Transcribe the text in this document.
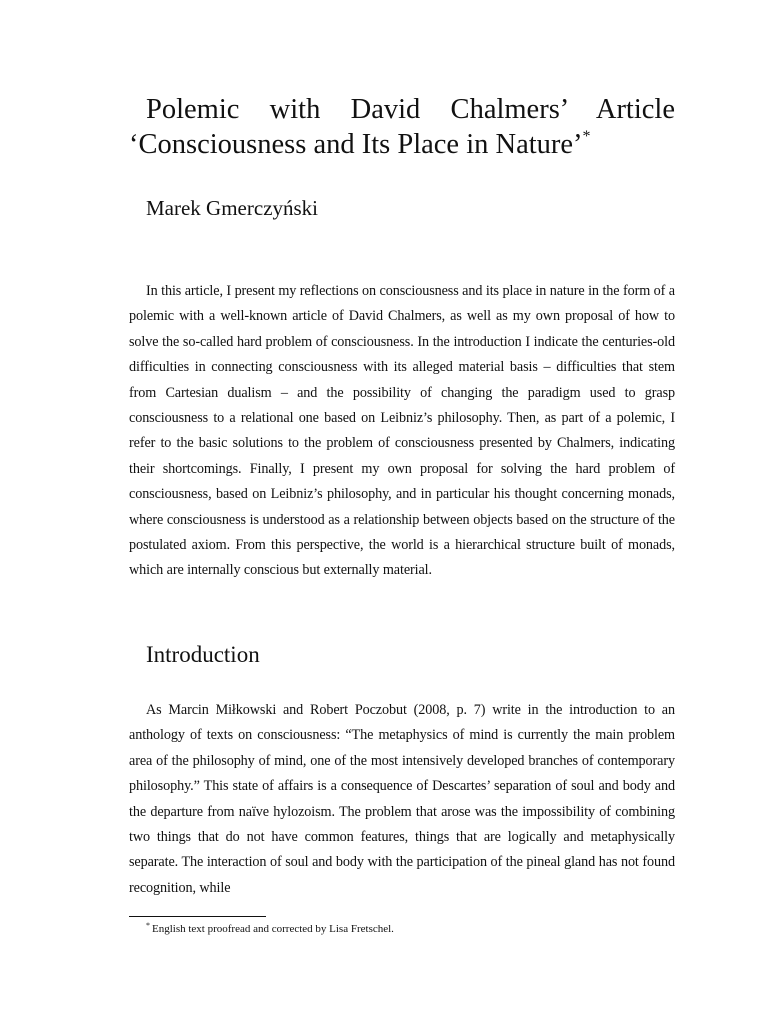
Polemic with David Chalmers’ Article
‘Consciousness and Its Place in Nature’*

Marek Gmerczyński

In this article, I present my reflections on consciousness and its place in nature in the form of a polemic with a well-known article of David Chalmers, as well as my own proposal of how to solve the so-called hard problem of consciousness. In the introduction I indicate the centuries-old difficulties in connecting consciousness with its alleged material basis – difficulties that stem from Cartesian dualism – and the possibility of changing the paradigm used to grasp consciousness to a relational one based on Leibniz’s philosophy. Then, as part of a polemic, I refer to the basic solutions to the problem of consciousness presented by Chalmers, indicating their shortcomings. Finally, I present my own proposal for solving the hard problem of consciousness, based on Leibniz’s philosophy, and in particular his thought concerning monads, where consciousness is understood as a relationship between objects based on the structure of the postulated axiom. From this perspective, the world is a hierarchical structure built of monads, which are internally conscious but externally material.

Introduction

As Marcin Miłkowski and Robert Poczobut (2008, p. 7) write in the introduction to an anthology of texts on consciousness: “The metaphysics of mind is currently the main problem area of the philosophy of mind, one of the most intensively developed branches of contemporary philosophy.” This state of affairs is a consequence of Descartes’ separation of soul and body and the departure from naïve hylozoism. The problem that arose was the impossibility of combining two things that do not have common features, things that are logically and metaphysically separate. The interaction of soul and body with the participation of the pineal gland has not found recognition, while

* English text proofread and corrected by Lisa Fretschel.
